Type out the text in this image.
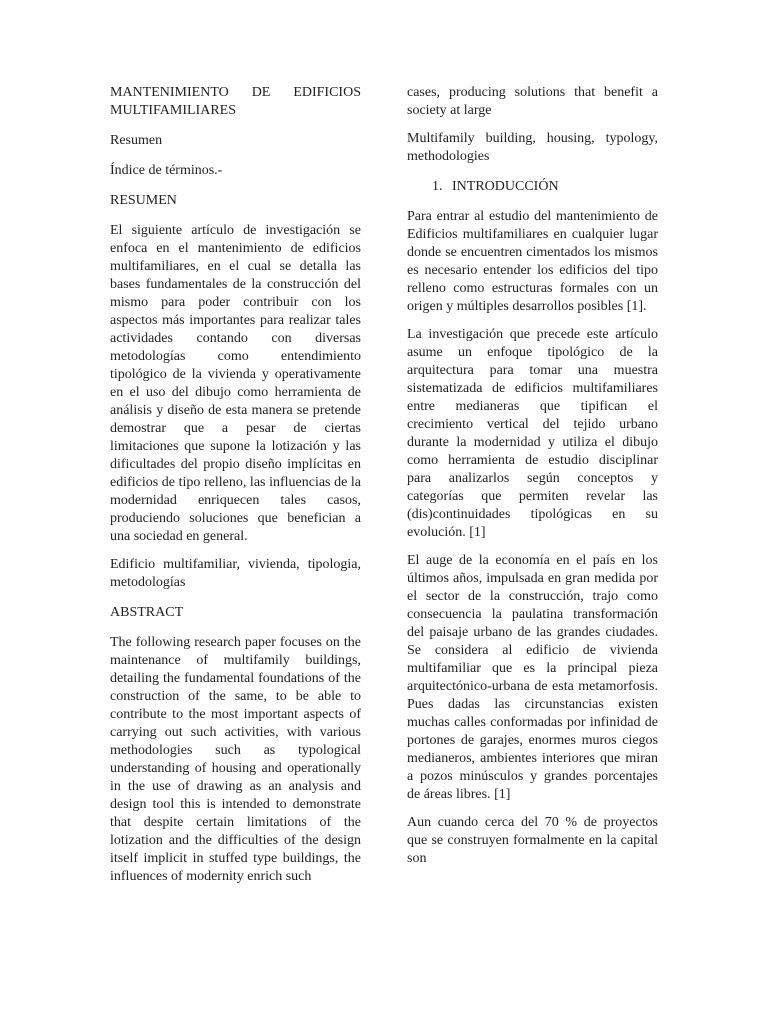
MANTENIMIENTO DE EDIFICIOS MULTIFAMILIARES

Resumen

Índice de términos.-

RESUMEN

El siguiente artículo de investigación se enfoca en el mantenimiento de edificios multifamiliares, en el cual se detalla las bases fundamentales de la construcción del mismo para poder contribuir con los aspectos más importantes para realizar tales actividades contando con diversas metodologías como entendimiento tipológico de la vivienda y operativamente en el uso del dibujo como herramienta de análisis y diseño de esta manera se pretende demostrar que a pesar de ciertas limitaciones que supone la lotización y las dificultades del propio diseño implícitas en edificios de tipo relleno, las influencias de la modernidad enriquecen tales casos, produciendo soluciones que benefician a una sociedad en general.

Edificio multifamiliar, vivienda, tipologia, metodologías

ABSTRACT

The following research paper focuses on the maintenance of multifamily buildings, detailing the fundamental foundations of the construction of the same, to be able to contribute to the most important aspects of carrying out such activities, with various methodologies such as typological understanding of housing and operationally in the use of drawing as an analysis and design tool this is intended to demonstrate that despite certain limitations of the lotization and the difficulties of the design itself implicit in stuffed type buildings, the influences of modernity enrich such

cases, producing solutions that benefit a society at large

Multifamily building, housing, typology, methodologies

1. INTRODUCCIÓN

Para entrar al estudio del mantenimiento de Edificios multifamiliares en cualquier lugar donde se encuentren cimentados los mismos es necesario entender los edificios del tipo relleno como estructuras formales con un origen y múltiples desarrollos posibles [1].

La investigación que precede este artículo asume un enfoque tipológico de la arquitectura para tomar una muestra sistematizada de edificios multifamiliares entre medianeras que tipifican el crecimiento vertical del tejido urbano durante la modernidad y utiliza el dibujo como herramienta de estudio disciplinar para analizarlos según conceptos y categorías que permiten revelar las (dis)continuidades tipológicas en su evolución. [1]

El auge de la economía en el país en los últimos años, impulsada en gran medida por el sector de la construcción, trajo como consecuencia la paulatina transformación del paisaje urbano de las grandes ciudades. Se considera al edificio de vivienda multifamiliar que es la principal pieza arquitectónico-urbana de esta metamorfosis. Pues dadas las circunstancias existen muchas calles conformadas por infinidad de portones de garajes, enormes muros ciegos medianeros, ambientes interiores que miran a pozos minúsculos y grandes porcentajes de áreas libres. [1]

Aun cuando cerca del 70 % de proyectos que se construyen formalmente en la capital son
